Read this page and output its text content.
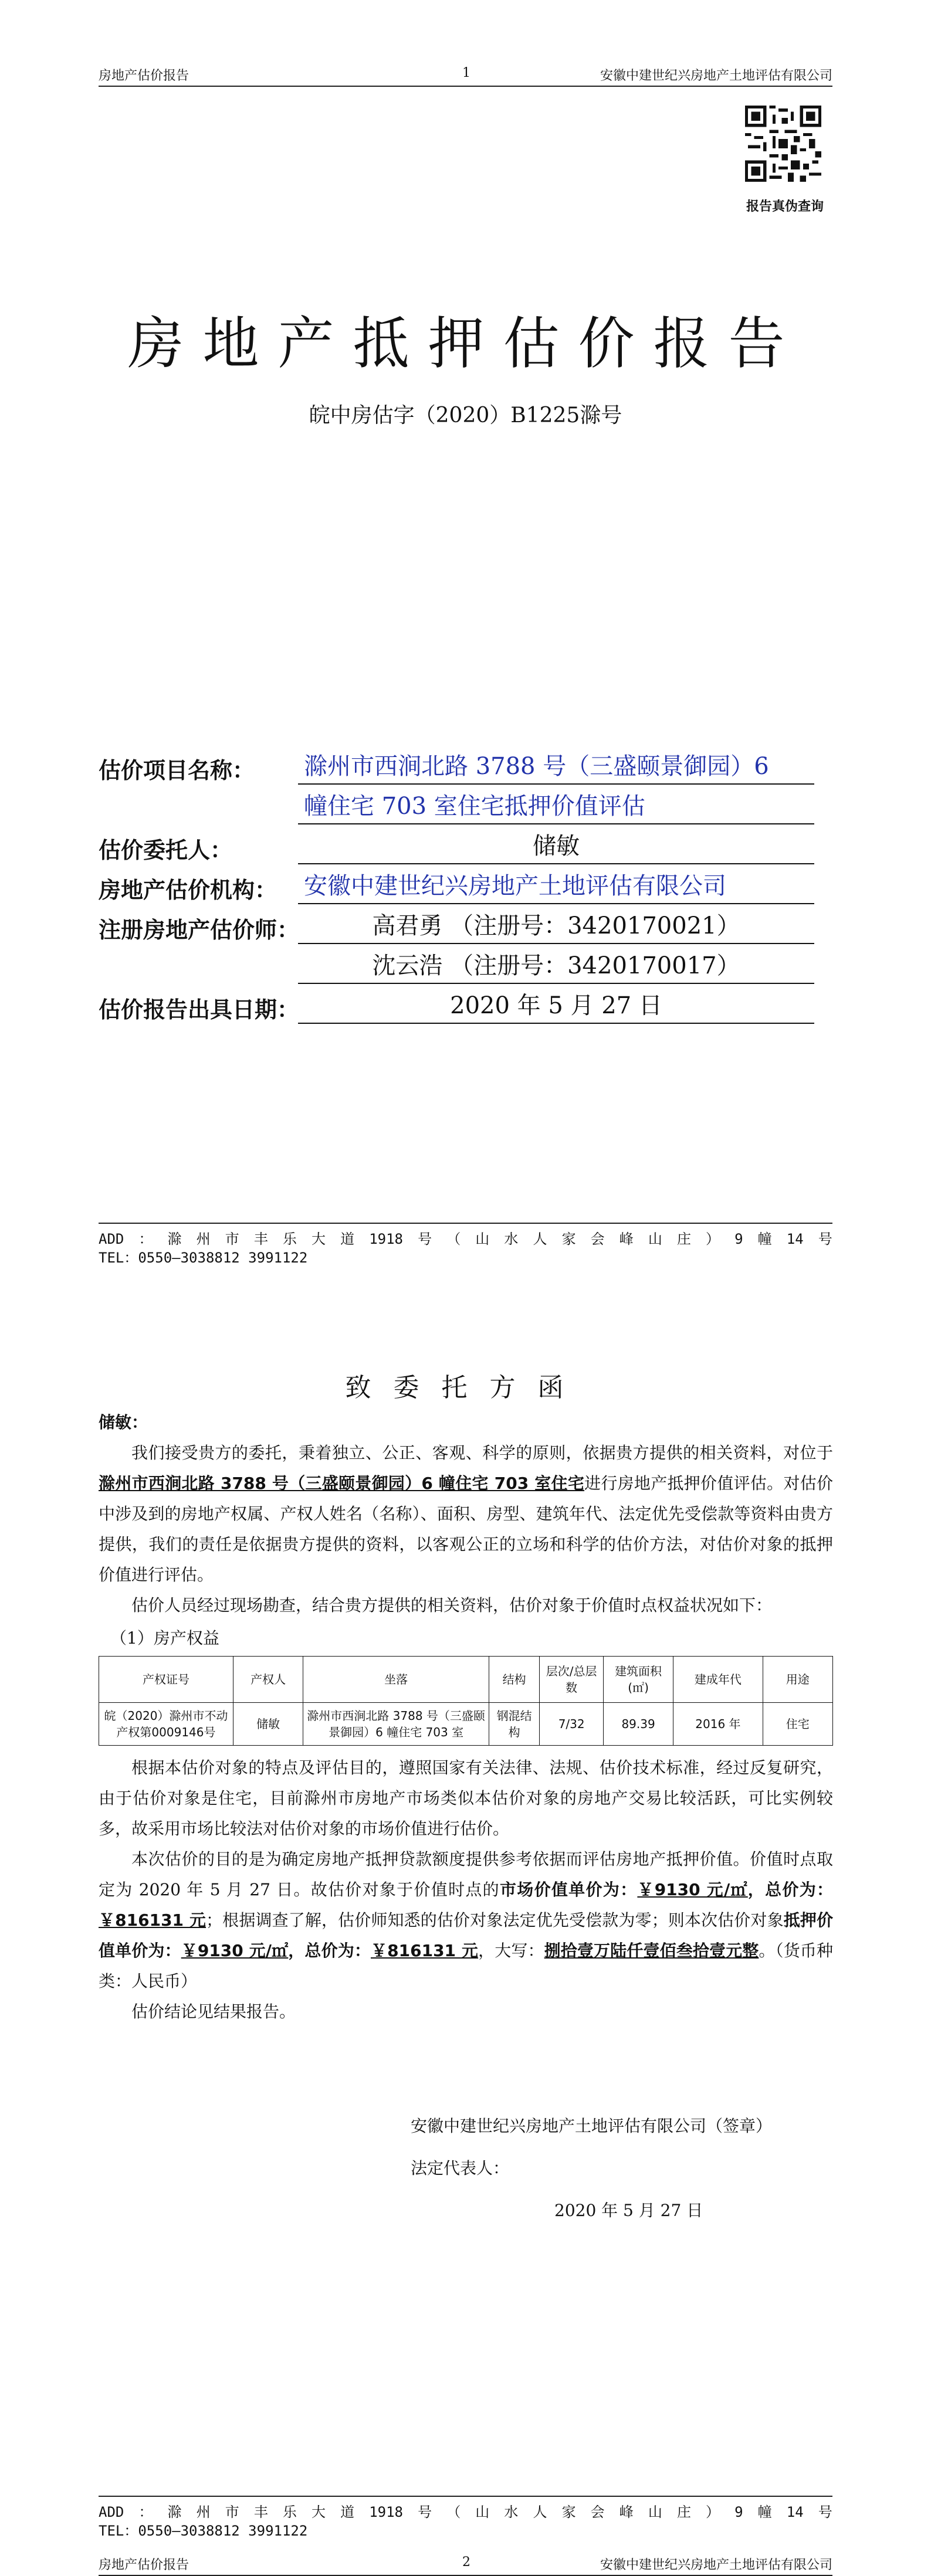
房地产估价报告	1	安徽中建世纪兴房地产土地评估有限公司
报告真伪查询
房地产抵押估价报告
皖中房估字（2020）B1225滁号
估价项目名称：	滁州市西涧北路 3788 号（三盛颐景御园）6
幢住宅 703 室住宅抵押价值评估
估价委托人：	储敏
房地产估价机构：	安徽中建世纪兴房地产土地评估有限公司
注册房地产估价师：	高君勇 （注册号：3420170021）
沈云浩 （注册号：3420170017）
估价报告出具日期：	2020 年 5 月 27 日
ADD ： 滁 州 市 丰 乐 大 道 1918 号 （ 山 水 人 家 会 峰 山 庄 ） 9 幢 14 号
TEL：0550—3038812 3991122
房地产估价报告	2	安徽中建世纪兴房地产土地评估有限公司
致委托方函

储敏：

我们接受贵方的委托，秉着独立、公正、客观、科学的原则，依据贵方提供的相关资料，对位于滁州市西涧北路 3788 号（三盛颐景御园）6 幢住宅 703 室住宅进行房地产抵押价值评估。对估价中涉及到的房地产权属、产权人姓名（名称）、面积、房型、建筑年代、法定优先受偿款等资料由贵方提供，我们的责任是依据贵方提供的资料，以客观公正的立场和科学的估价方法，对估价对象的抵押价值进行评估。

估价人员经过现场勘查，结合贵方提供的相关资料，估价对象于价值时点权益状况如下：

（1）房产权益

产权证号	产权人	坐落	结构	层次/总层数	建筑面积(㎡)	建成年代	用途
皖（2020）滁州市不动产权第0009146号	储敏	滁州市西涧北路 3788 号（三盛颐景御园）6 幢住宅 703 室	钢混结构	7/32	89.39	2016 年	住宅

根据本估价对象的特点及评估目的，遵照国家有关法律、法规、估价技术标准，经过反复研究，由于估价对象是住宅，目前滁州市房地产市场类似本估价对象的房地产交易比较活跃，可比实例较多，故采用市场比较法对估价对象的市场价值进行估价。

本次估价的目的是为确定房地产抵押贷款额度提供参考依据而评估房地产抵押价值。价值时点取定为 2020 年 5 月 27 日。故估价对象于价值时点的市场价值单价为：￥9130 元/㎡，总价为：￥816131 元；根据调查了解，估价师知悉的估价对象法定优先受偿款为零；则本次估价对象抵押价值单价为：￥9130 元/㎡，总价为：￥816131 元，大写：捌拾壹万陆仟壹佰叁拾壹元整。（货币种类：人民币）

估价结论见结果报告。

安徽中建世纪兴房地产土地评估有限公司（签章）
法定代表人：
2020 年 5 月 27 日
ADD ： 滁 州 市 丰 乐 大 道 1918 号 （ 山 水 人 家 会 峰 山 庄 ） 9 幢 14 号
TEL：0550—3038812 3991122
